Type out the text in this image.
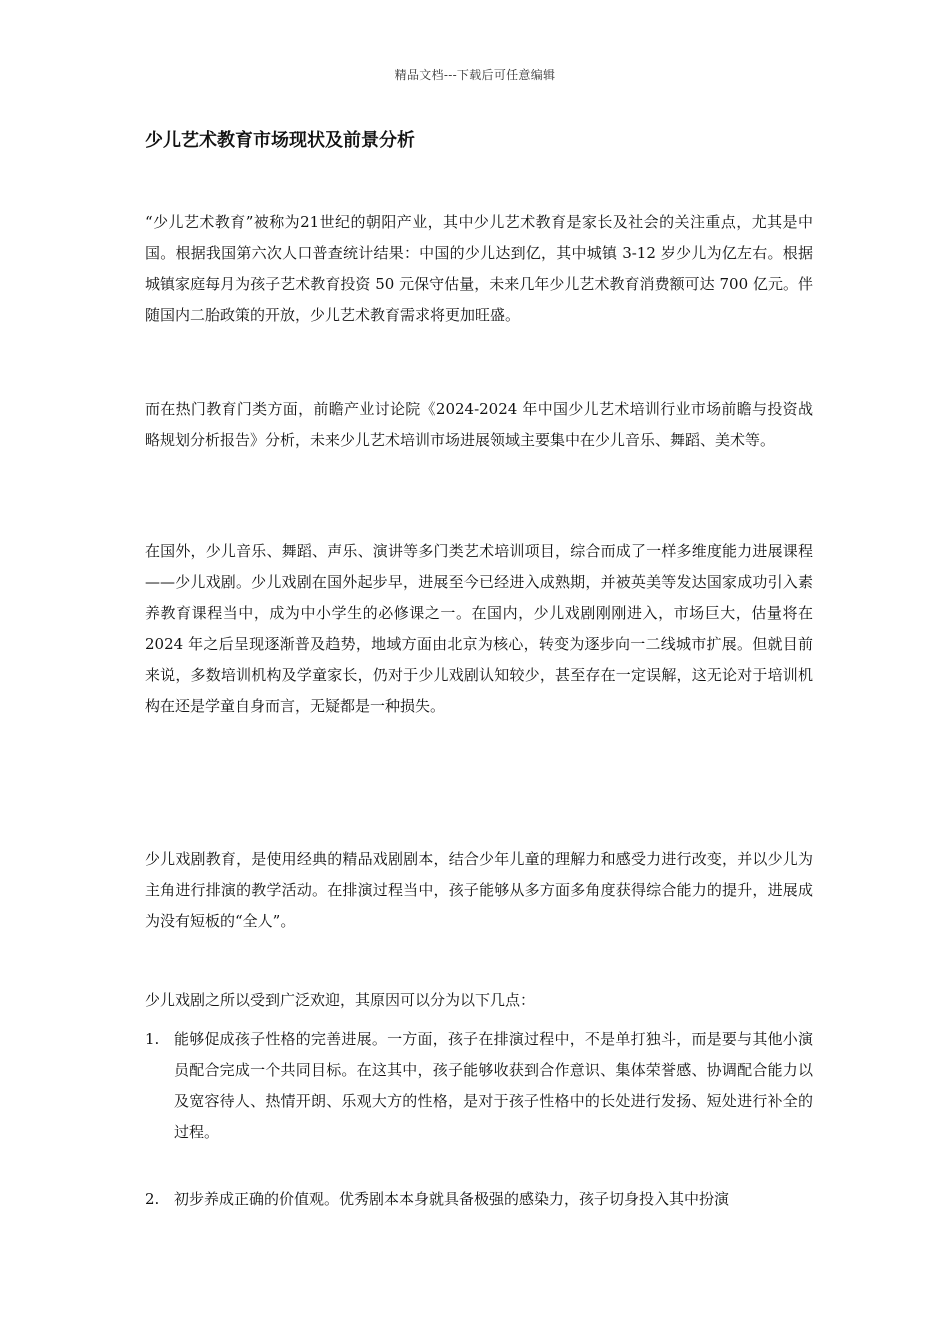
精品文档---下载后可任意编辑
少儿艺术教育市场现状及前景分析

“少儿艺术教育”被称为21世纪的朝阳产业，其中少儿艺术教育是家长及社会的关注重点，尤其是中国。根据我国第六次人口普查统计结果：中国的少儿达到亿，其中城镇 3-12 岁少儿为亿左右。根据城镇家庭每月为孩子艺术教育投资 50 元保守估量，未来几年少儿艺术教育消费额可达 700 亿元。伴随国内二胎政策的开放，少儿艺术教育需求将更加旺盛。

而在热门教育门类方面，前瞻产业讨论院《2024-2024 年中国少儿艺术培训行业市场前瞻与投资战略规划分析报告》分析，未来少儿艺术培训市场进展领域主要集中在少儿音乐、舞蹈、美术等。

在国外，少儿音乐、舞蹈、声乐、演讲等多门类艺术培训项目，综合而成了一样多维度能力进展课程——少儿戏剧。少儿戏剧在国外起步早，进展至今已经进入成熟期，并被英美等发达国家成功引入素养教育课程当中，成为中小学生的必修课之一。在国内，少儿戏剧刚刚进入，市场巨大，估量将在 2024 年之后呈现逐渐普及趋势，地域方面由北京为核心，转变为逐步向一二线城市扩展。但就目前来说，多数培训机构及学童家长，仍对于少儿戏剧认知较少，甚至存在一定误解，这无论对于培训机构在还是学童自身而言，无疑都是一种损失。

少儿戏剧教育，是使用经典的精品戏剧剧本，结合少年儿童的理解力和感受力进行改变，并以少儿为主角进行排演的教学活动。在排演过程当中，孩子能够从多方面多角度获得综合能力的提升，进展成为没有短板的“全人”。

少儿戏剧之所以受到广泛欢迎，其原因可以分为以下几点：

1. 能够促成孩子性格的完善进展。一方面，孩子在排演过程中，不是单打独斗，而是要与其他小演员配合完成一个共同目标。在这其中，孩子能够收获到合作意识、集体荣誉感、协调配合能力以及宽容待人、热情开朗、乐观大方的性格，是对于孩子性格中的长处进行发扬、短处进行补全的过程。

2. 初步养成正确的价值观。优秀剧本本身就具备极强的感染力，孩子切身投入其中扮演
